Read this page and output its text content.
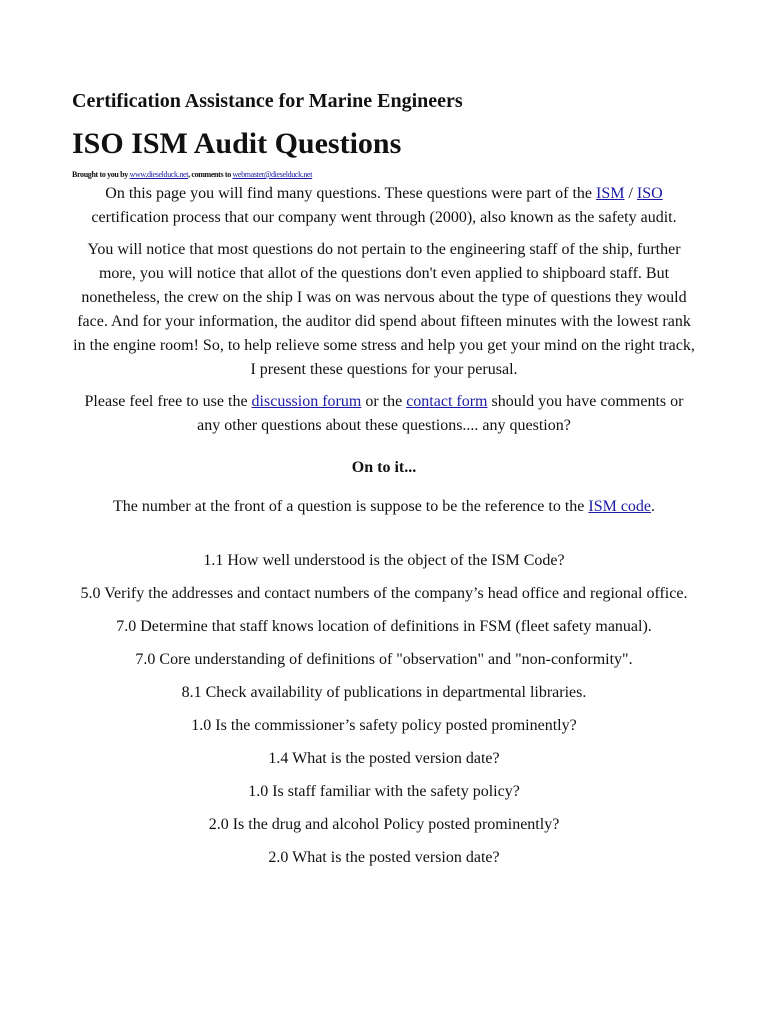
Certification Assistance for Marine Engineers
ISO ISM Audit Questions

Brought to you by www.dieselduck.net, comments to webmaster@dieselduck.net

On this page you will find many questions. These questions were part of the ISM / ISO certification process that our company went through (2000), also known as the safety audit.

You will notice that most questions do not pertain to the engineering staff of the ship, further more, you will notice that allot of the questions don't even applied to shipboard staff. But nonetheless, the crew on the ship I was on was nervous about the type of questions they would face. And for your information, the auditor did spend about fifteen minutes with the lowest rank in the engine room! So, to help relieve some stress and help you get your mind on the right track, I present these questions for your perusal.

Please feel free to use the discussion forum or the contact form should you have comments or any other questions about these questions.... any question?

On to it...

The number at the front of a question is suppose to be the reference to the ISM code.

1.1 How well understood is the object of the ISM Code?
5.0 Verify the addresses and contact numbers of the company’s head office and regional office.
7.0 Determine that staff knows location of definitions in FSM (fleet safety manual).
7.0 Core understanding of definitions of "observation" and "non-conformity".
8.1 Check availability of publications in departmental libraries.
1.0 Is the commissioner’s safety policy posted prominently?
1.4 What is the posted version date?
1.0 Is staff familiar with the safety policy?
2.0 Is the drug and alcohol Policy posted prominently?
2.0 What is the posted version date?
